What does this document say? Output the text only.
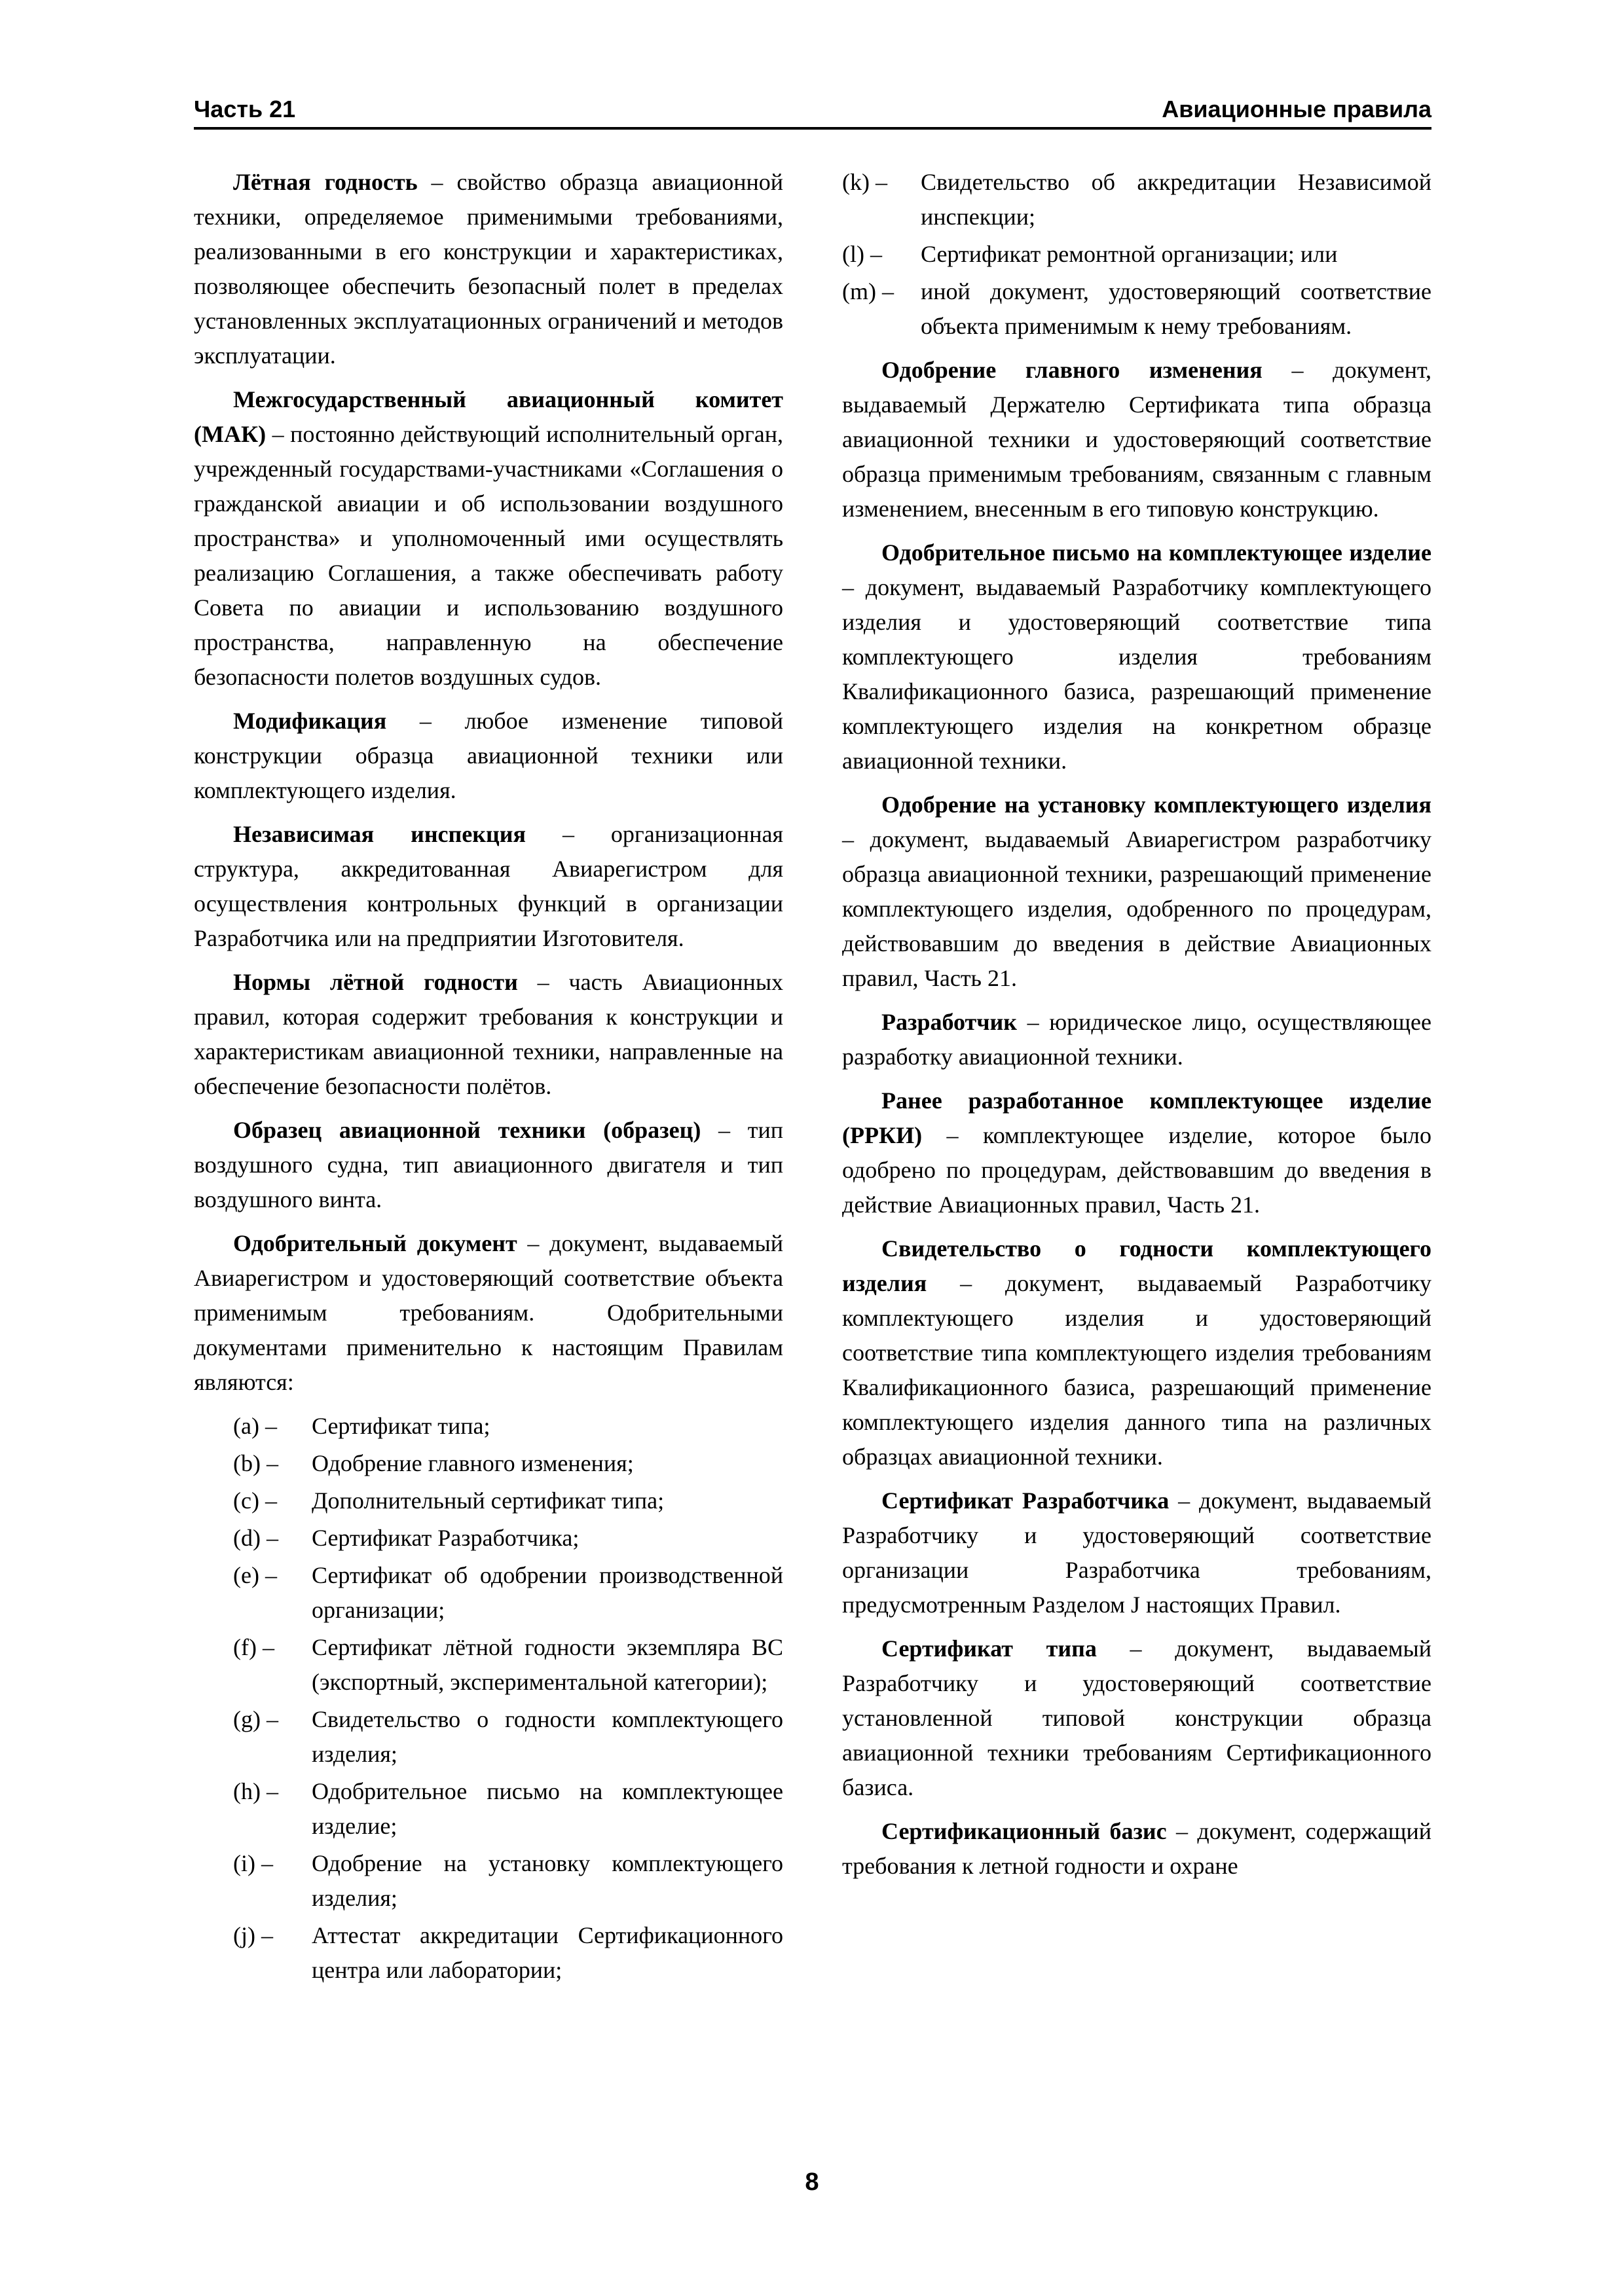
Часть 21	Авиационные правила

Лётная годность – свойство образца авиационной техники, определяемое применимыми требованиями, реализованными в его конструкции и характеристиках, позволяющее обеспечить безопасный полет в пределах установленных эксплуатационных ограничений и методов эксплуатации.

Межгосударственный авиационный комитет (МАК) – постоянно действующий исполнительный орган, учрежденный государствами-участниками «Соглашения о гражданской авиации и об использовании воздушного пространства» и уполномоченный ими осуществлять реализацию Соглашения, а также обеспечивать работу Совета по авиации и использованию воздушного пространства, направленную на обеспечение безопасности полетов воздушных судов.

Модификация – любое изменение типовой конструкции образца авиационной техники или комплектующего изделия.

Независимая инспекция – организационная структура, аккредитованная Авиарегистром для осуществления контрольных функций в организации Разработчика или на предприятии Изготовителя.

Нормы лётной годности – часть Авиационных правил, которая содержит требования к конструкции и характеристикам авиационной техники, направленные на обеспечение безопасности полётов.

Образец авиационной техники (образец) – тип воздушного судна, тип авиационного двигателя и тип воздушного винта.

Одобрительный документ – документ, выдаваемый Авиарегистром и удостоверяющий соответствие объекта применимым требованиям. Одобрительными документами применительно к настоящим Правилам являются:

(a) –	Сертификат типа;
(b) –	Одобрение главного изменения;
(c) –	Дополнительный сертификат типа;
(d) –	Сертификат Разработчика;
(e) –	Сертификат об одобрении производственной организации;
(f) –	Сертификат лётной годности экземпляра ВС (экспортный, экспериментальной категории);
(g) –	Свидетельство о годности комплектующего изделия;
(h) –	Одобрительное письмо на комплектующее изделие;
(i) –	Одобрение на установку комплектующего изделия;
(j) –	Аттестат аккредитации Сертификационного центра или лаборатории;
(k) –	Свидетельство об аккредитации Независимой инспекции;
(l) –	Сертификат ремонтной организации; или
(m) –	иной документ, удостоверяющий соответствие объекта применимым к нему требованиям.

Одобрение главного изменения – документ, выдаваемый Держателю Сертификата типа образца авиационной техники и удостоверяющий соответствие образца применимым требованиям, связанным с главным изменением, внесенным в его типовую конструкцию.

Одобрительное письмо на комплектующее изделие – документ, выдаваемый Разработчику комплектующего изделия и удостоверяющий соответствие типа комплектующего изделия требованиям Квалификационного базиса, разрешающий применение комплектующего изделия на конкретном образце авиационной техники.

Одобрение на установку комплектующего изделия – документ, выдаваемый Авиарегистром разработчику образца авиационной техники, разрешающий применение комплектующего изделия, одобренного по процедурам, действовавшим до введения в действие Авиационных правил, Часть 21.

Разработчик – юридическое лицо, осуществляющее разработку авиационной техники.

Ранее разработанное комплектующее изделие (РРКИ) – комплектующее изделие, которое было одобрено по процедурам, действовавшим до введения в действие Авиационных правил, Часть 21.

Свидетельство о годности комплектующего изделия – документ, выдаваемый Разработчику комплектующего изделия и удостоверяющий соответствие типа комплектующего изделия требованиям Квалификационного базиса, разрешающий применение комплектующего изделия данного типа на различных образцах авиационной техники.

Сертификат Разработчика – документ, выдаваемый Разработчику и удостоверяющий соответствие организации Разработчика требованиям, предусмотренным Разделом J настоящих Правил.

Сертификат типа – документ, выдаваемый Разработчику и удостоверяющий соответствие установленной типовой конструкции образца авиационной техники требованиям Сертификационного базиса.

Сертификационный базис – документ, содержащий требования к летной годности и охране

8
